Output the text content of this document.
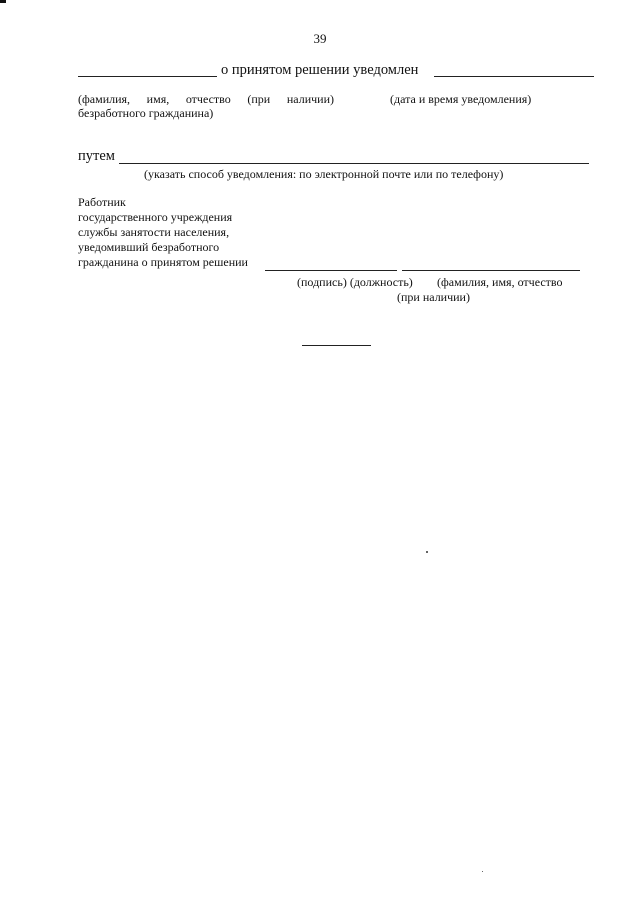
39
о принятом решении уведомлен
(фамилия, имя, отчество (при наличии)
безработного гражданина)
(дата и время уведомления)
путем
(указать способ уведомления: по электронной почте или по телефону)
Работник
государственного учреждения
службы занятости населения,
уведомивший безработного
гражданина о принятом решении
(подпись) (должность) (фамилия, имя, отчество
(при наличии)
